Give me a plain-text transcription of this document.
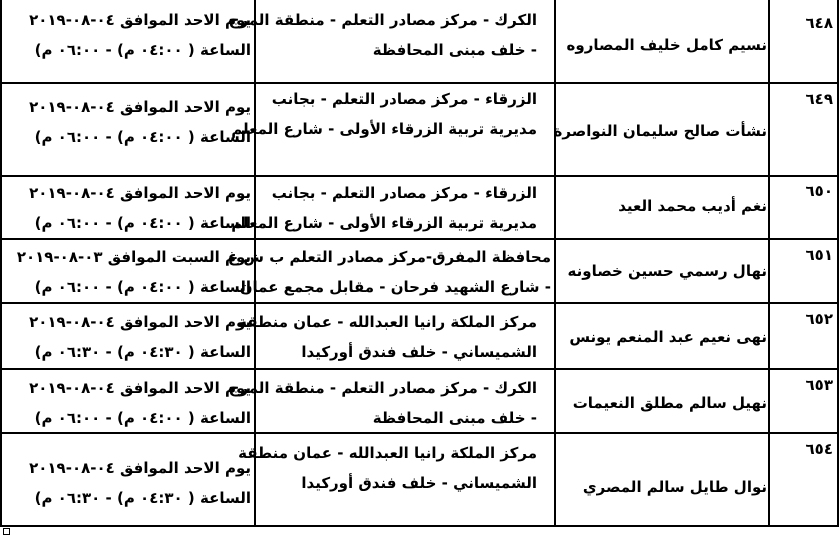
٦٤٨
نسيم كامل خليف المصاروه
الكرك - مركز مصادر التعلم - منطقة المرج
- خلف مبنى المحافظة
يوم الاحد الموافق ٠٤-٠٨-٢٠١٩
الساعة ( ٠٤:٠٠ م) - ٠٦:٠٠ م)
٦٤٩
نشأت صالح سليمان النواصرة
الزرقاء - مركز مصادر التعلم - بجانب
مديرية تربية الزرقاء الأولى - شارع المعلم
يوم الاحد الموافق ٠٤-٠٨-٢٠١٩
الساعة ( ٠٤:٠٠ م) - ٠٦:٠٠ م)
٦٥٠
نغم أديب محمد العيد
الزرقاء - مركز مصادر التعلم - بجانب
مديرية تربية الزرقاء الأولى - شارع المعلم
يوم الاحد الموافق ٠٤-٠٨-٢٠١٩
الساعة ( ٠٤:٠٠ م) - ٠٦:٠٠ م)
٦٥١
نهال رسمي حسين خصاونه
محافظة المفرق-مركز مصادر التعلم ب ش غ
- شارع الشهيد فرحان - مقابل مجمع عمان
يوم السبت الموافق ٠٣-٠٨-٢٠١٩
الساعة ( ٠٤:٠٠ م) - ٠٦:٠٠ م)
٦٥٢
نهى نعيم عبد المنعم يونس
مركز الملكة رانيا العبدالله - عمان منطقة
الشميساني - خلف فندق أوركيدا
يوم الاحد الموافق ٠٤-٠٨-٢٠١٩
الساعة ( ٠٤:٣٠ م) - ٠٦:٣٠ م)
٦٥٣
نهيل سالم مطلق النعيمات
الكرك - مركز مصادر التعلم - منطقة المرج
- خلف مبنى المحافظة
يوم الاحد الموافق ٠٤-٠٨-٢٠١٩
الساعة ( ٠٤:٠٠ م) - ٠٦:٠٠ م)
٦٥٤
نوال طايل سالم المصري
مركز الملكة رانيا العبدالله - عمان منطقة
الشميساني - خلف فندق أوركيدا
يوم الاحد الموافق ٠٤-٠٨-٢٠١٩
الساعة ( ٠٤:٣٠ م) - ٠٦:٣٠ م)
